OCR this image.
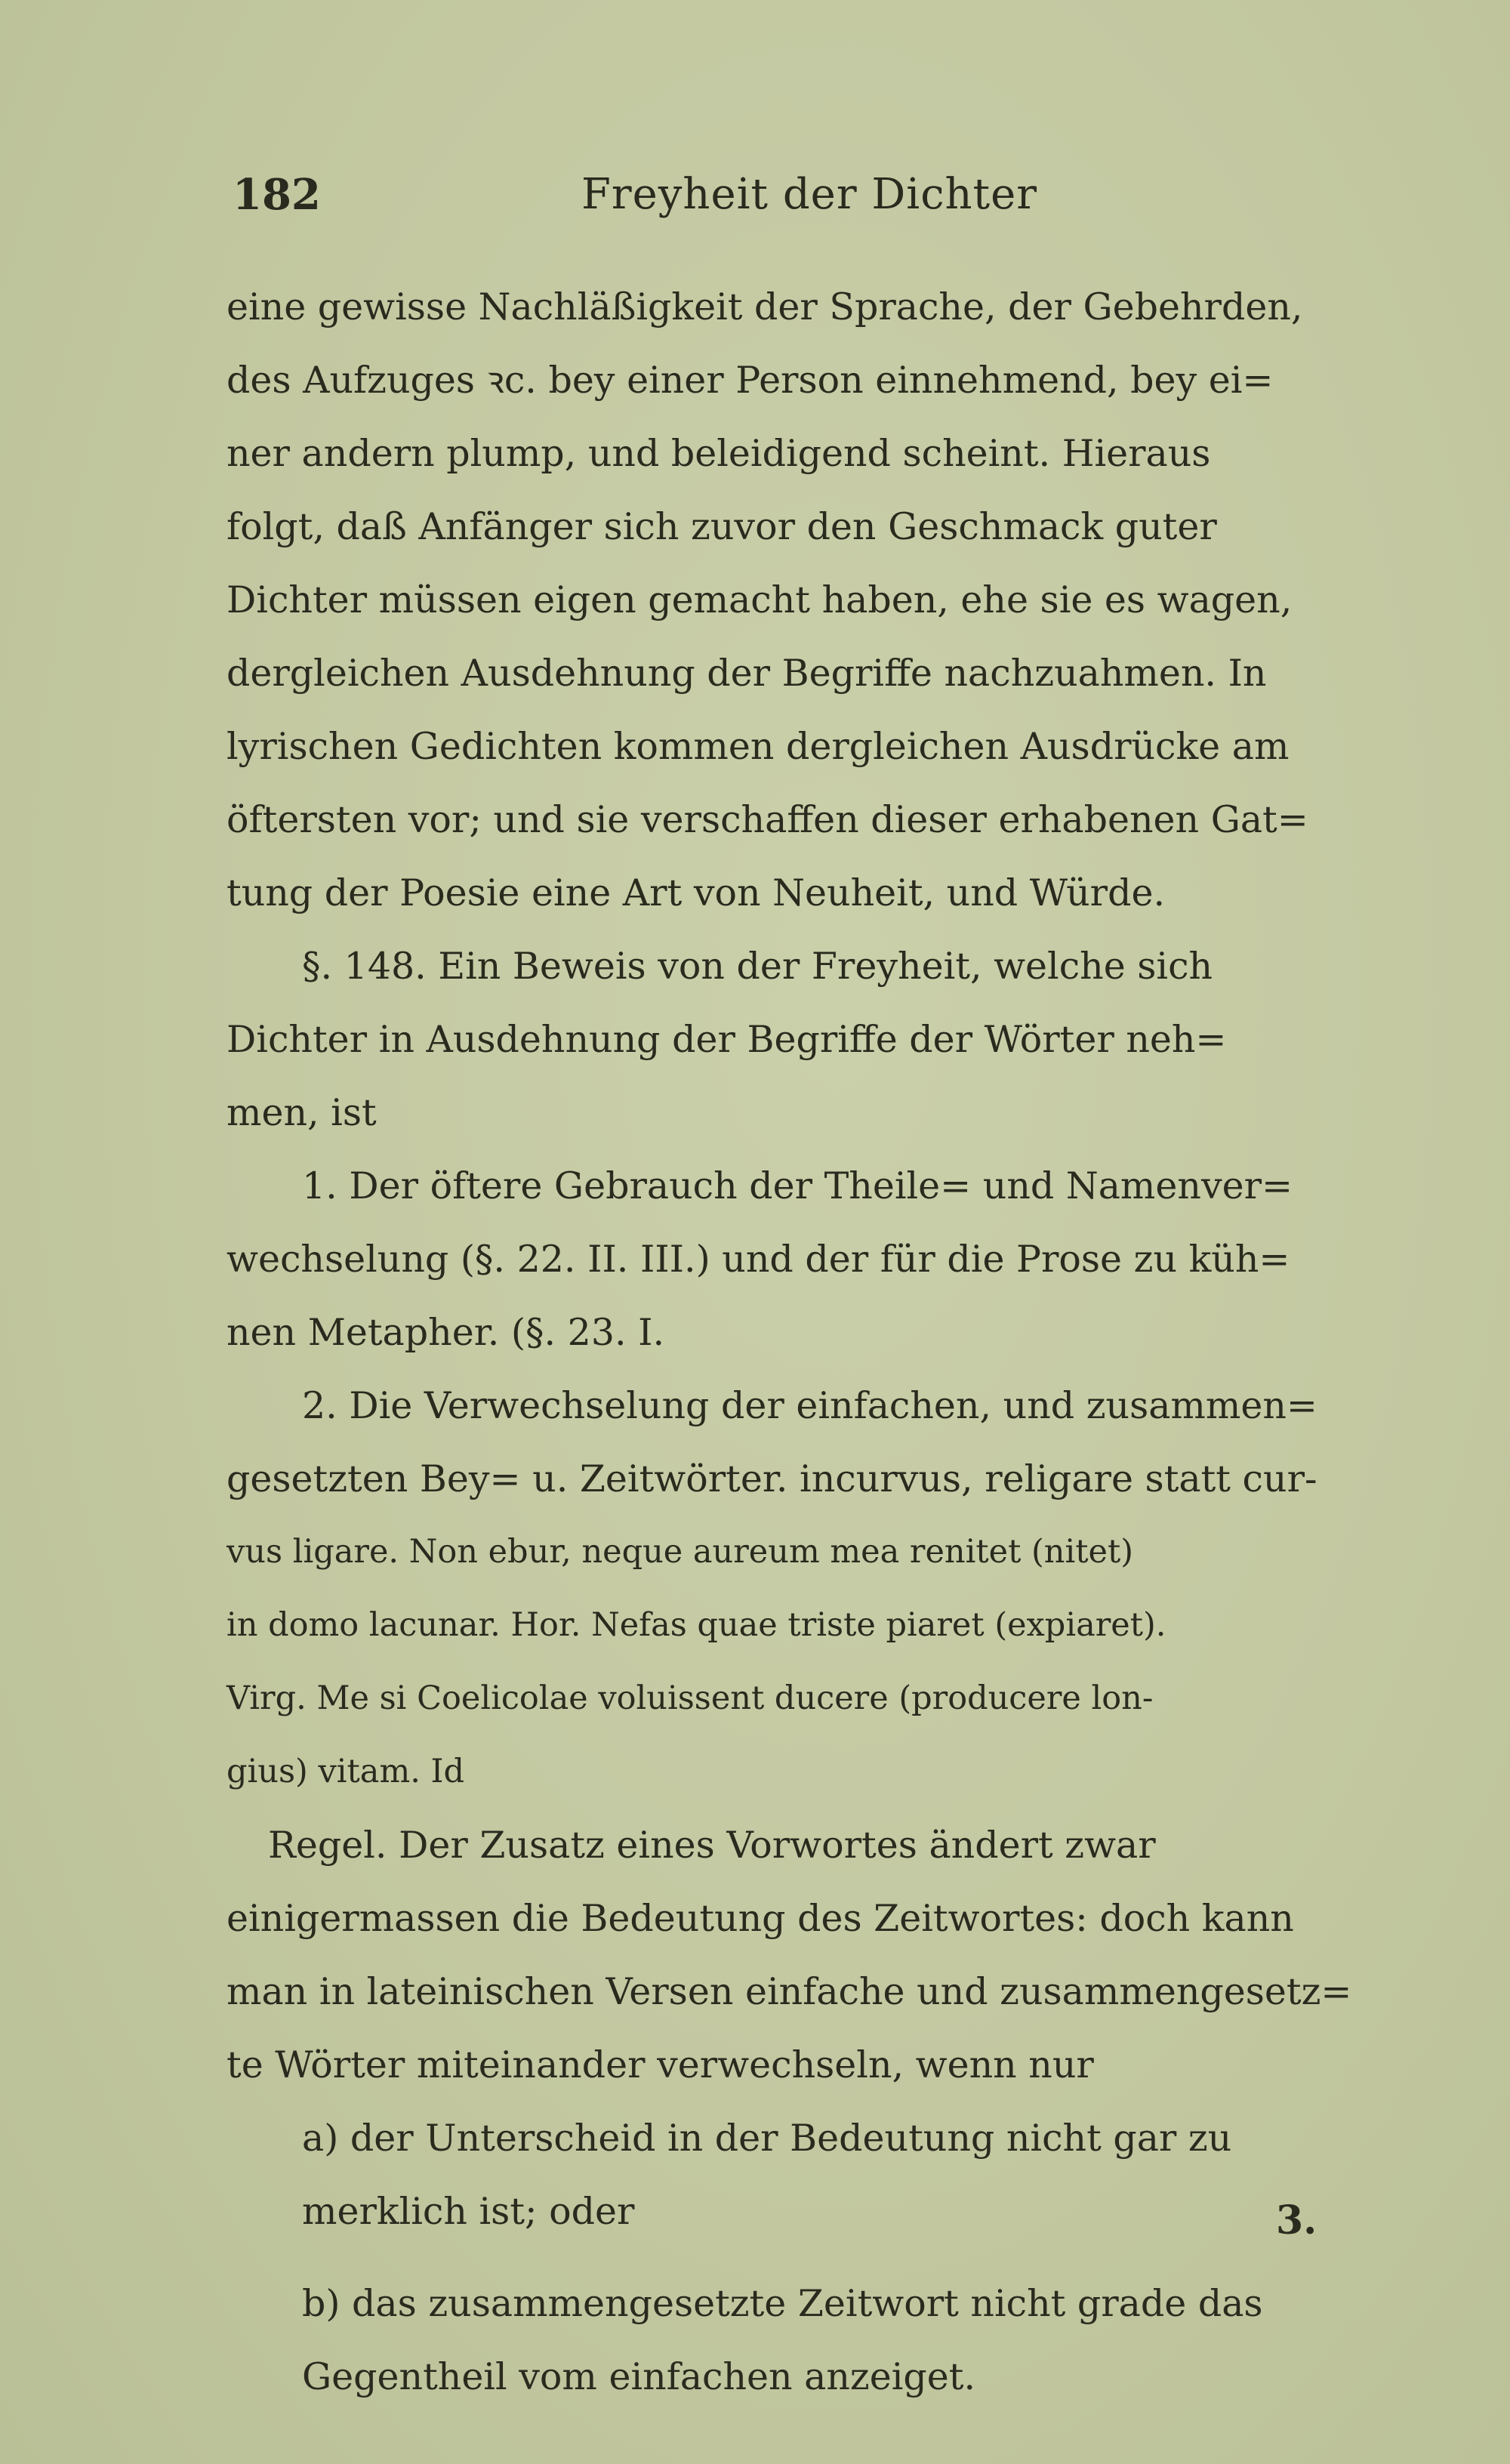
182	Freyheit der Dichter
eine gewisse Nachläßigkeit der Sprache, der Gebehrden,
des Aufzuges ꝛc. bey einer Person einnehmend, bey ei=
ner andern plump, und beleidigend scheint. Hieraus
folgt, daß Anfänger sich zuvor den Geschmack guter
Dichter müssen eigen gemacht haben, ehe sie es wagen,
dergleichen Ausdehnung der Begriffe nachzuahmen. In
lyrischen Gedichten kommen dergleichen Ausdrücke am
öftersten vor; und sie verschaffen dieser erhabenen Gat=
tung der Poesie eine Art von Neuheit, und Würde.
§. 148. Ein Beweis von der Freyheit, welche sich
Dichter in Ausdehnung der Begriffe der Wörter neh=
men, ist
1. Der öftere Gebrauch der Theile= und Namenver=
wechselung (§. 22. II. III.) und der für die Prose zu küh=
nen Metapher. (§. 23. I.
2. Die Verwechselung der einfachen, und zusammen=
gesetzten Bey= u. Zeitwörter. incurvus, religare statt cur-
vus ligare. Non ebur, neque aureum mea renitet (nitet)
in domo lacunar. Hor. Nefas quae triste piaret (expiaret).
Virg. Me si Coelicolae voluissent ducere (producere lon-
gius) vitam. Id
Regel. Der Zusatz eines Vorwortes ändert zwar
einigermassen die Bedeutung des Zeitwortes: doch kann
man in lateinischen Versen einfache und zusammengesetz=
te Wörter miteinander verwechseln, wenn nur
a) der Unterscheid in der Bedeutung nicht gar zu
merklich ist; oder
b) das zusammengesetzte Zeitwort nicht grade das
Gegentheil vom einfachen anzeiget.
3.
